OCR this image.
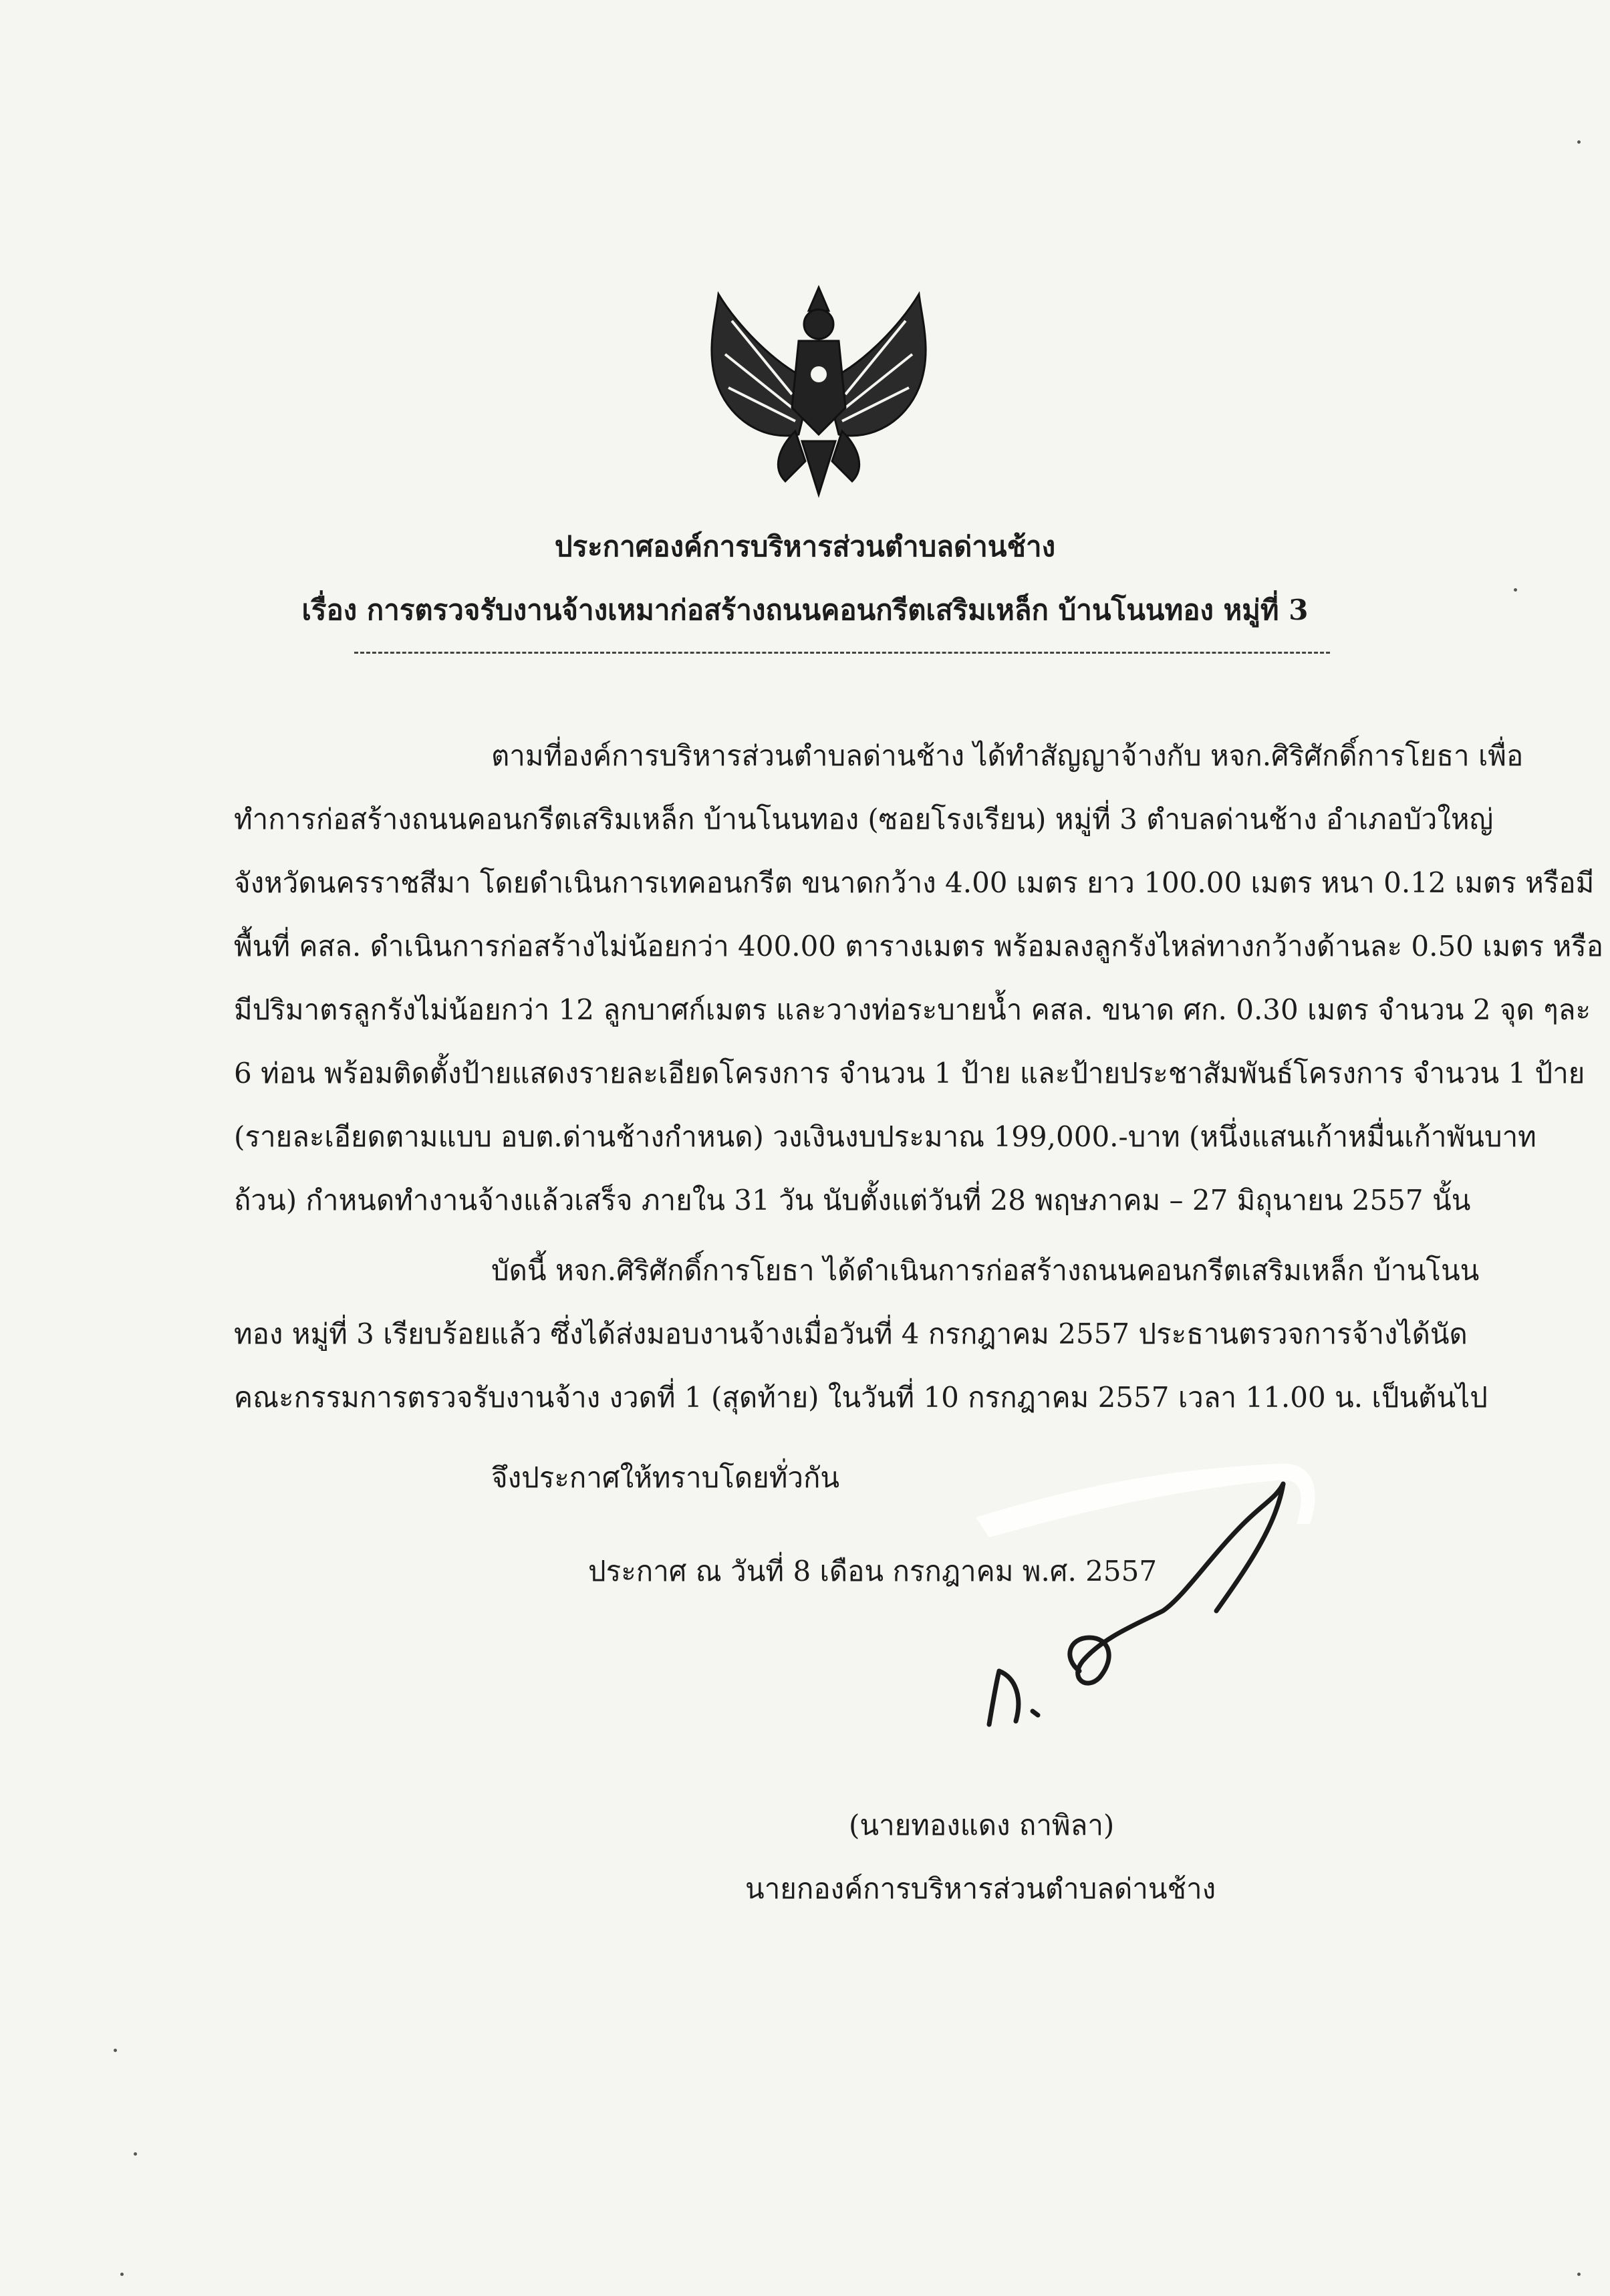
ประกาศองค์การบริหารส่วนตำบลด่านช้าง
เรื่อง การตรวจรับงานจ้างเหมาก่อสร้างถนนคอนกรีตเสริมเหล็ก บ้านโนนทอง หมู่ที่ 3
ตามที่องค์การบริหารส่วนตำบลด่านช้าง ได้ทำสัญญาจ้างกับ หจก.ศิริศักดิ์การโยธา เพื่อ
ทำการก่อสร้างถนนคอนกรีตเสริมเหล็ก บ้านโนนทอง (ซอยโรงเรียน) หมู่ที่ 3 ตำบลด่านช้าง อำเภอบัวใหญ่
จังหวัดนครราชสีมา โดยดำเนินการเทคอนกรีต ขนาดกว้าง 4.00 เมตร ยาว 100.00 เมตร หนา 0.12 เมตร หรือมี
พื้นที่ คสล. ดำเนินการก่อสร้างไม่น้อยกว่า 400.00 ตารางเมตร พร้อมลงลูกรังไหล่ทางกว้างด้านละ 0.50 เมตร หรือ
มีปริมาตรลูกรังไม่น้อยกว่า 12 ลูกบาศก์เมตร และวางท่อระบายน้ำ คสล. ขนาด ศก. 0.30 เมตร จำนวน 2 จุด ๆละ
6 ท่อน พร้อมติดตั้งป้ายแสดงรายละเอียดโครงการ จำนวน 1 ป้าย และป้ายประชาสัมพันธ์โครงการ จำนวน 1 ป้าย
(รายละเอียดตามแบบ อบต.ด่านช้างกำหนด) วงเงินงบประมาณ 199,000.-บาท (หนึ่งแสนเก้าหมื่นเก้าพันบาท
ถ้วน) กำหนดทำงานจ้างแล้วเสร็จ ภายใน 31 วัน นับตั้งแต่วันที่ 28 พฤษภาคม – 27 มิถุนายน 2557 นั้น
บัดนี้ หจก.ศิริศักดิ์การโยธา ได้ดำเนินการก่อสร้างถนนคอนกรีตเสริมเหล็ก บ้านโนน
ทอง หมู่ที่ 3 เรียบร้อยแล้ว ซึ่งได้ส่งมอบงานจ้างเมื่อวันที่ 4 กรกฎาคม 2557 ประธานตรวจการจ้างได้นัด
คณะกรรมการตรวจรับงานจ้าง งวดที่ 1 (สุดท้าย) ในวันที่ 10 กรกฎาคม 2557 เวลา 11.00 น. เป็นต้นไป
จึงประกาศให้ทราบโดยทั่วกัน
ประกาศ ณ วันที่ 8 เดือน กรกฎาคม พ.ศ. 2557
(นายทองแดง ถาพิลา)
นายกองค์การบริหารส่วนตำบลด่านช้าง
